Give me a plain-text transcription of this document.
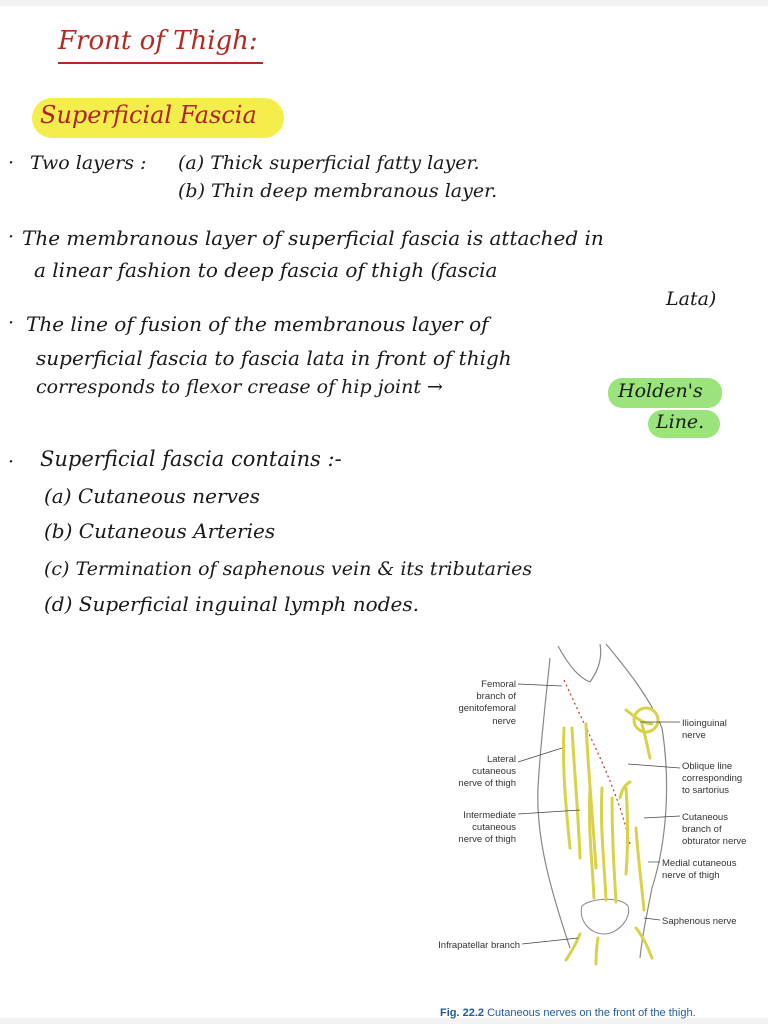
Front of Thigh:
Superficial Fascia
· Two layers : (a) Thick superficial fatty layer.
(b) Thin deep membranous layer.
· The membranous layer of superficial fascia is attached in
a linear fashion to deep fascia of thigh (fascia
Lata)
· The line of fusion of the membranous layer of
superficial fascia to fascia lata in front of thigh
corresponds to flexor crease of hip joint →	Holden's
Line.
· Superficial fascia contains :-
(a) Cutaneous nerves
(b) Cutaneous Arteries
(c) Termination of saphenous vein & its tributaries
(d) Superficial inguinal lymph nodes.
Femoral
branch of
genitofemoral
nerve
Lateral
cutaneous
nerve of thigh
Intermediate
cutaneous
nerve of thigh
Infrapatellar branch
Ilioinguinal
nerve
Oblique line
corresponding
to sartorius
Cutaneous
branch of
obturator nerve
Medial cutaneous
nerve of thigh
Saphenous nerve
Fig. 22.2 Cutaneous nerves on the front of the thigh.
